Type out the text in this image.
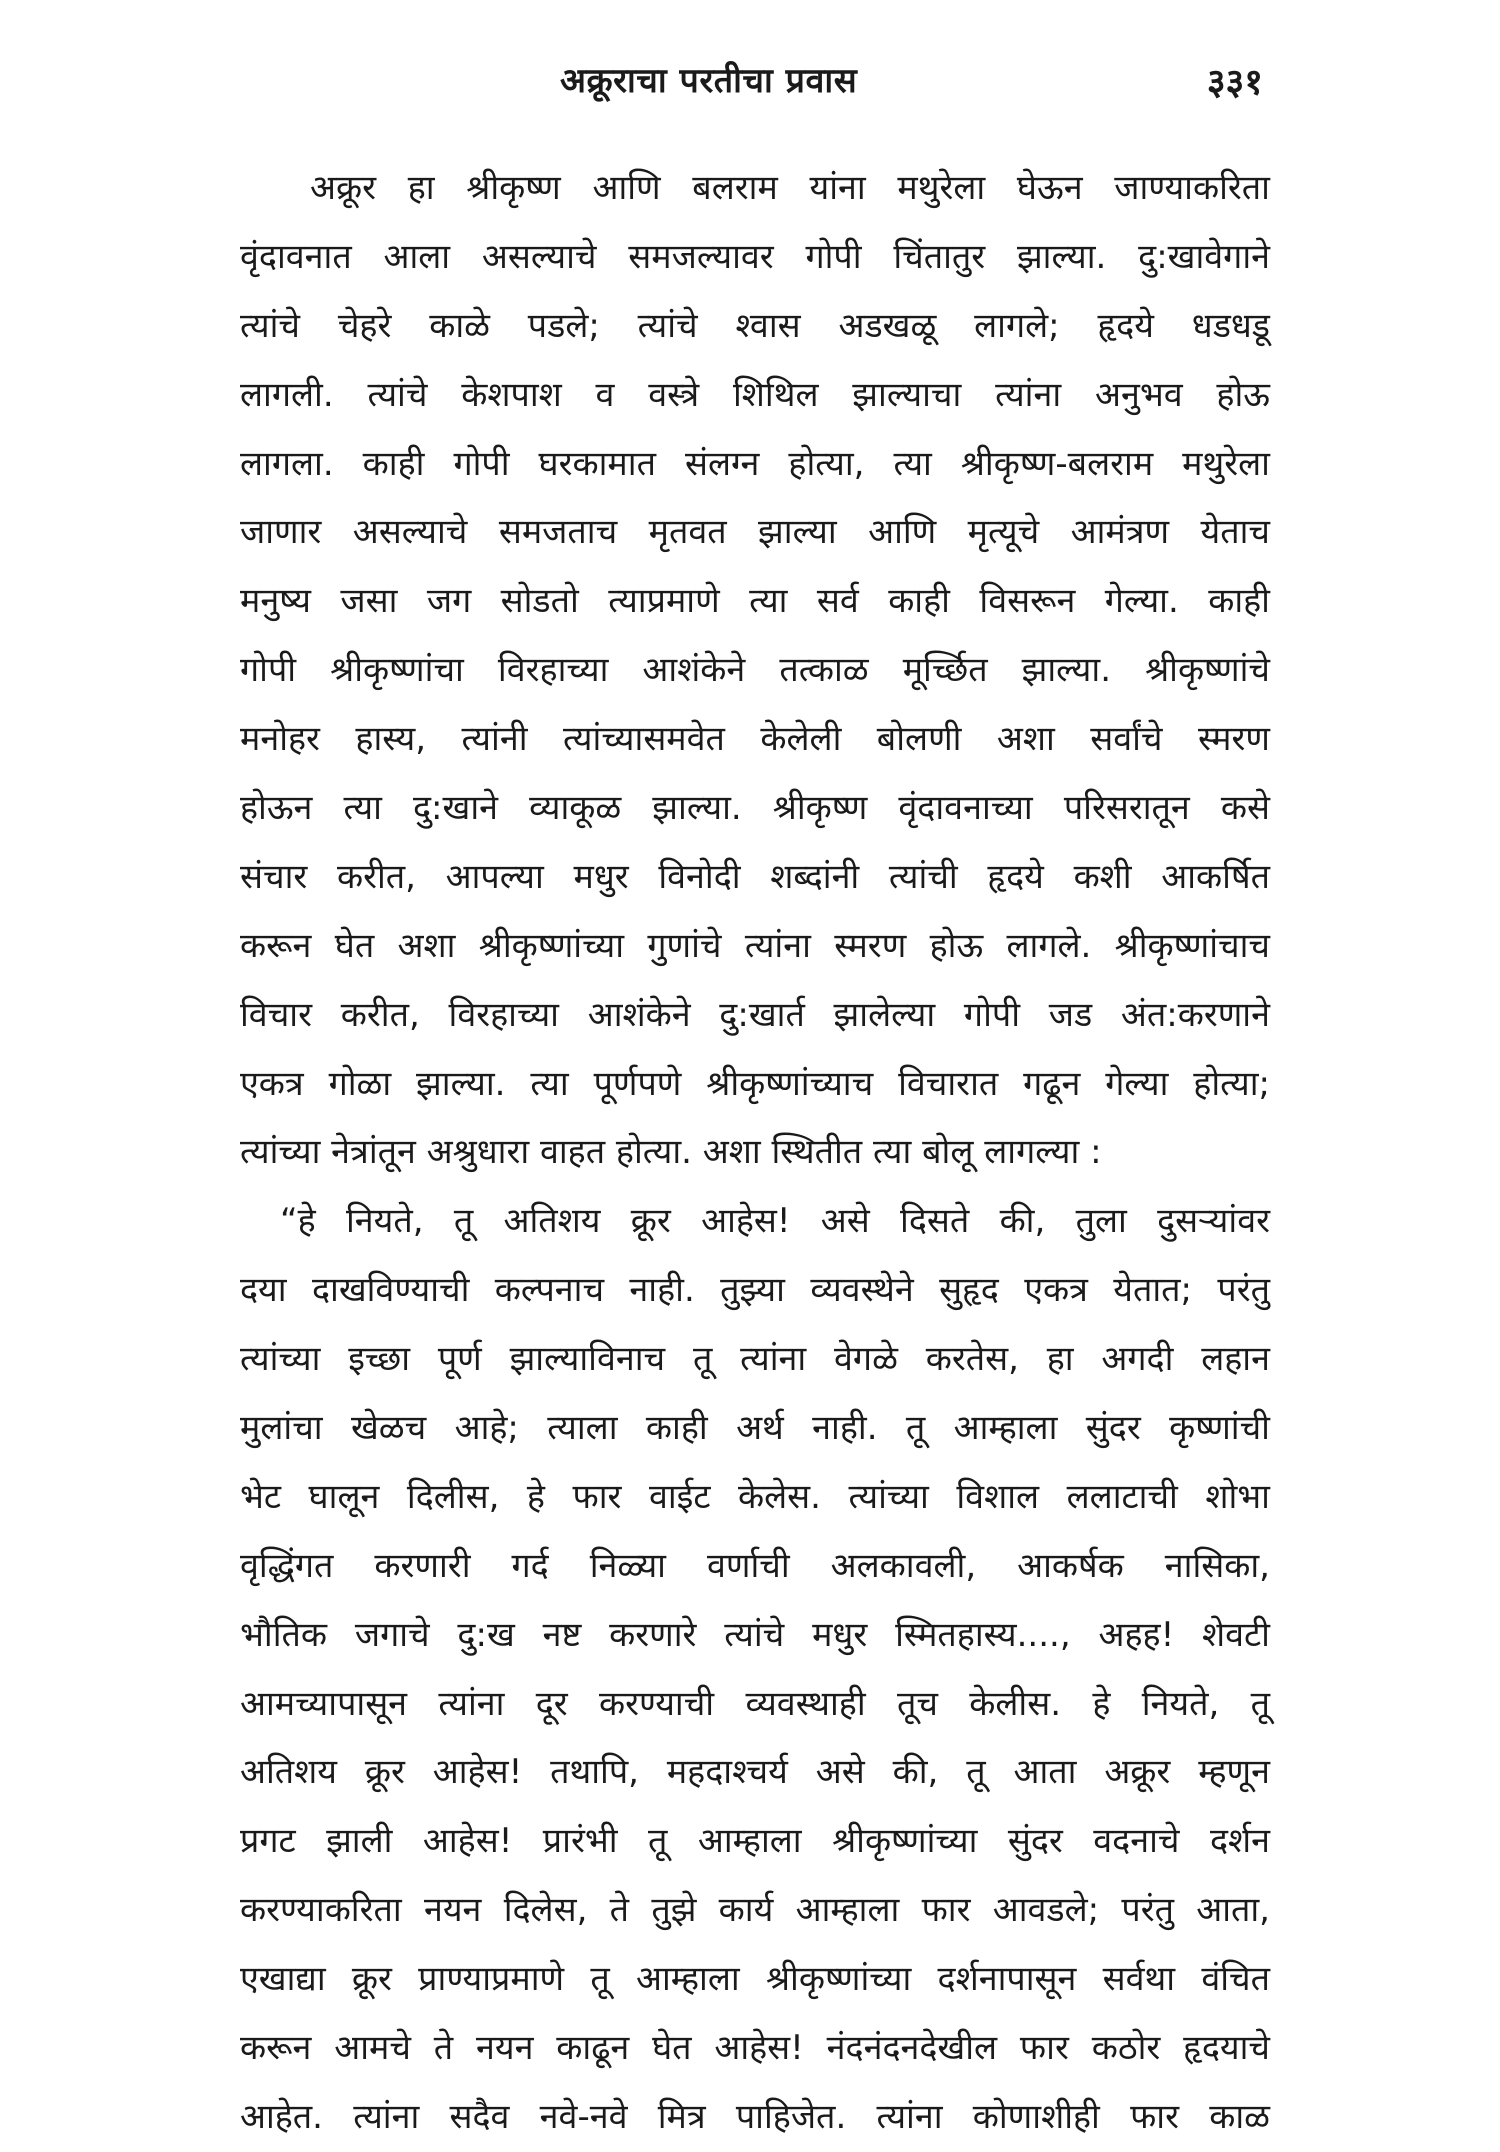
अक्रूराचा परतीचा प्रवास	३३१
अक्रूर हा श्रीकृष्ण आणि बलराम यांना मथुरेला घेऊन जाण्याकरिता
वृंदावनात आला असल्याचे समजल्यावर गोपी चिंतातुर झाल्या. दु:खावेगाने
त्यांचे चेहरे काळे पडले; त्यांचे श्वास अडखळू लागले; हृदये धडधडू
लागली. त्यांचे केशपाश व वस्त्रे शिथिल झाल्याचा त्यांना अनुभव होऊ
लागला. काही गोपी घरकामात संलग्न होत्या, त्या श्रीकृष्ण-बलराम मथुरेला
जाणार असल्याचे समजताच मृतवत झाल्या आणि मृत्यूचे आमंत्रण येताच
मनुष्य जसा जग सोडतो त्याप्रमाणे त्या सर्व काही विसरून गेल्या. काही
गोपी श्रीकृष्णांचा विरहाच्या आशंकेने तत्काळ मूर्च्छित झाल्या. श्रीकृष्णांचे
मनोहर हास्य, त्यांनी त्यांच्यासमवेत केलेली बोलणी अशा सर्वांचे स्मरण
होऊन त्या दु:खाने व्याकूळ झाल्या. श्रीकृष्ण वृंदावनाच्या परिसरातून कसे
संचार करीत, आपल्या मधुर विनोदी शब्दांनी त्यांची हृदये कशी आकर्षित
करून घेत अशा श्रीकृष्णांच्या गुणांचे त्यांना स्मरण होऊ लागले. श्रीकृष्णांचाच
विचार करीत, विरहाच्या आशंकेने दु:खार्त झालेल्या गोपी जड अंत:करणाने
एकत्र गोळा झाल्या. त्या पूर्णपणे श्रीकृष्णांच्याच विचारात गढून गेल्या होत्या;
त्यांच्या नेत्रांतून अश्रुधारा वाहत होत्या. अशा स्थितीत त्या बोलू लागल्या :
“हे नियते, तू अतिशय क्रूर आहेस! असे दिसते की, तुला दुसऱ्यांवर
दया दाखविण्याची कल्पनाच नाही. तुझ्या व्यवस्थेने सुहृद एकत्र येतात; परंतु
त्यांच्या इच्छा पूर्ण झाल्याविनाच तू त्यांना वेगळे करतेस, हा अगदी लहान
मुलांचा खेळच आहे; त्याला काही अर्थ नाही. तू आम्हाला सुंदर कृष्णांची
भेट घालून दिलीस, हे फार वाईट केलेस. त्यांच्या विशाल ललाटाची शोभा
वृद्धिंगत करणारी गर्द निळ्या वर्णाची अलकावली, आकर्षक नासिका,
भौतिक जगाचे दु:ख नष्ट करणारे त्यांचे मधुर स्मितहास्य...., अहह! शेवटी
आमच्यापासून त्यांना दूर करण्याची व्यवस्थाही तूच केलीस. हे नियते, तू
अतिशय क्रूर आहेस! तथापि, महदाश्चर्य असे की, तू आता अक्रूर म्हणून
प्रगट झाली आहेस! प्रारंभी तू आम्हाला श्रीकृष्णांच्या सुंदर वदनाचे दर्शन
करण्याकरिता नयन दिलेस, ते तुझे कार्य आम्हाला फार आवडले; परंतु आता,
एखाद्या क्रूर प्राण्याप्रमाणे तू आम्हाला श्रीकृष्णांच्या दर्शनापासून सर्वथा वंचित
करून आमचे ते नयन काढून घेत आहेस! नंदनंदनदेखील फार कठोर हृदयाचे
आहेत. त्यांना सदैव नवे-नवे मित्र पाहिजेत. त्यांना कोणाशीही फार काळ
